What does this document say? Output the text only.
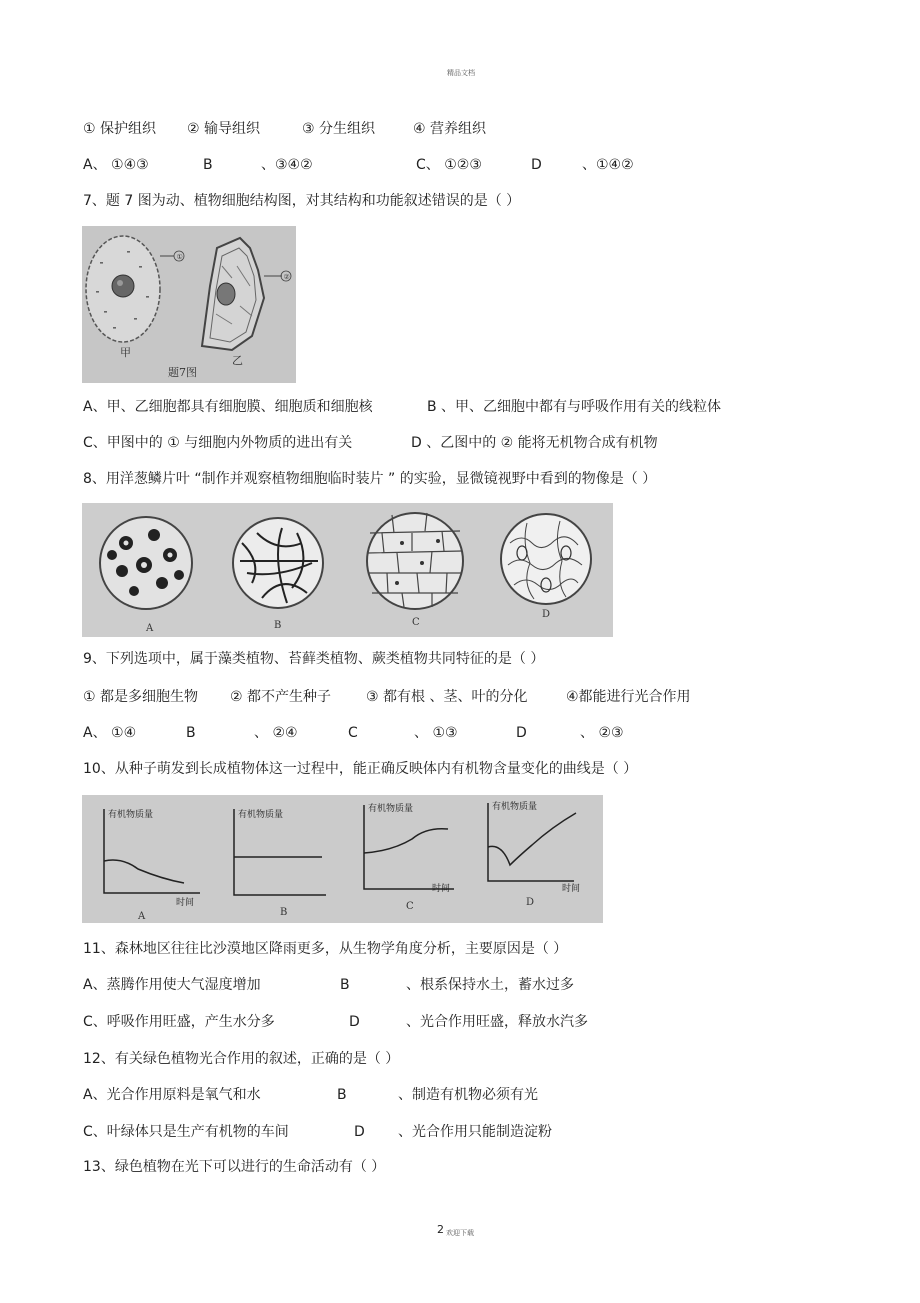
精品文档
① 保护组织 ② 输导组织	③ 分生组织	④ 营养组织
A、 ①④③	B	、③④②	C、 ①②③	D	、①④②
7、题 7 图为动、植物细胞结构图，对其结构和功能叙述错误的是（ ）
①
②
甲
乙
题7图
A、甲、乙细胞都具有细胞膜、细胞质和细胞核	B 、甲、乙细胞中都有与呼吸作用有关的线粒体
C、甲图中的 ① 与细胞内外物质的进出有关	D 、乙图中的 ② 能将无机物合成有机物
8、用洋葱鳞片叶 “制作并观察植物细胞临时装片 ” 的实验，显微镜视野中看到的物像是（ ）
A	B	C
D
9、下列选项中，属于藻类植物、苔藓类植物、蕨类植物共同特征的是（ ）
① 都是多细胞生物 ② 都不产生种子 ③ 都有根 、茎、叶的分化	④都能进行光合作用
A、 ①④	B	、 ②④	C	、 ①③	D	、 ②③
10、从种子萌发到长成植物体这一过程中，能正确反映体内有机物含量变化的曲线是（ ）
有机物质量	有机物质量
有机物质量	有机物质量
时间
时间	时间
A	B
C	D
11、森林地区往往比沙漠地区降雨更多，从生物学角度分析，主要原因是（ ）
A、蒸腾作用使大气湿度增加	B	、根系保持水土，蓄水过多
C、呼吸作用旺盛，产生水分多	D	、光合作用旺盛，释放水汽多
12、有关绿色植物光合作用的叙述，正确的是（ ）
A、光合作用原料是氧气和水	B	、制造有机物必须有光
C、叶绿体只是生产有机物的车间	D 、光合作用只能制造淀粉
13、绿色植物在光下可以进行的生命活动有（ ）
2 欢迎下载
